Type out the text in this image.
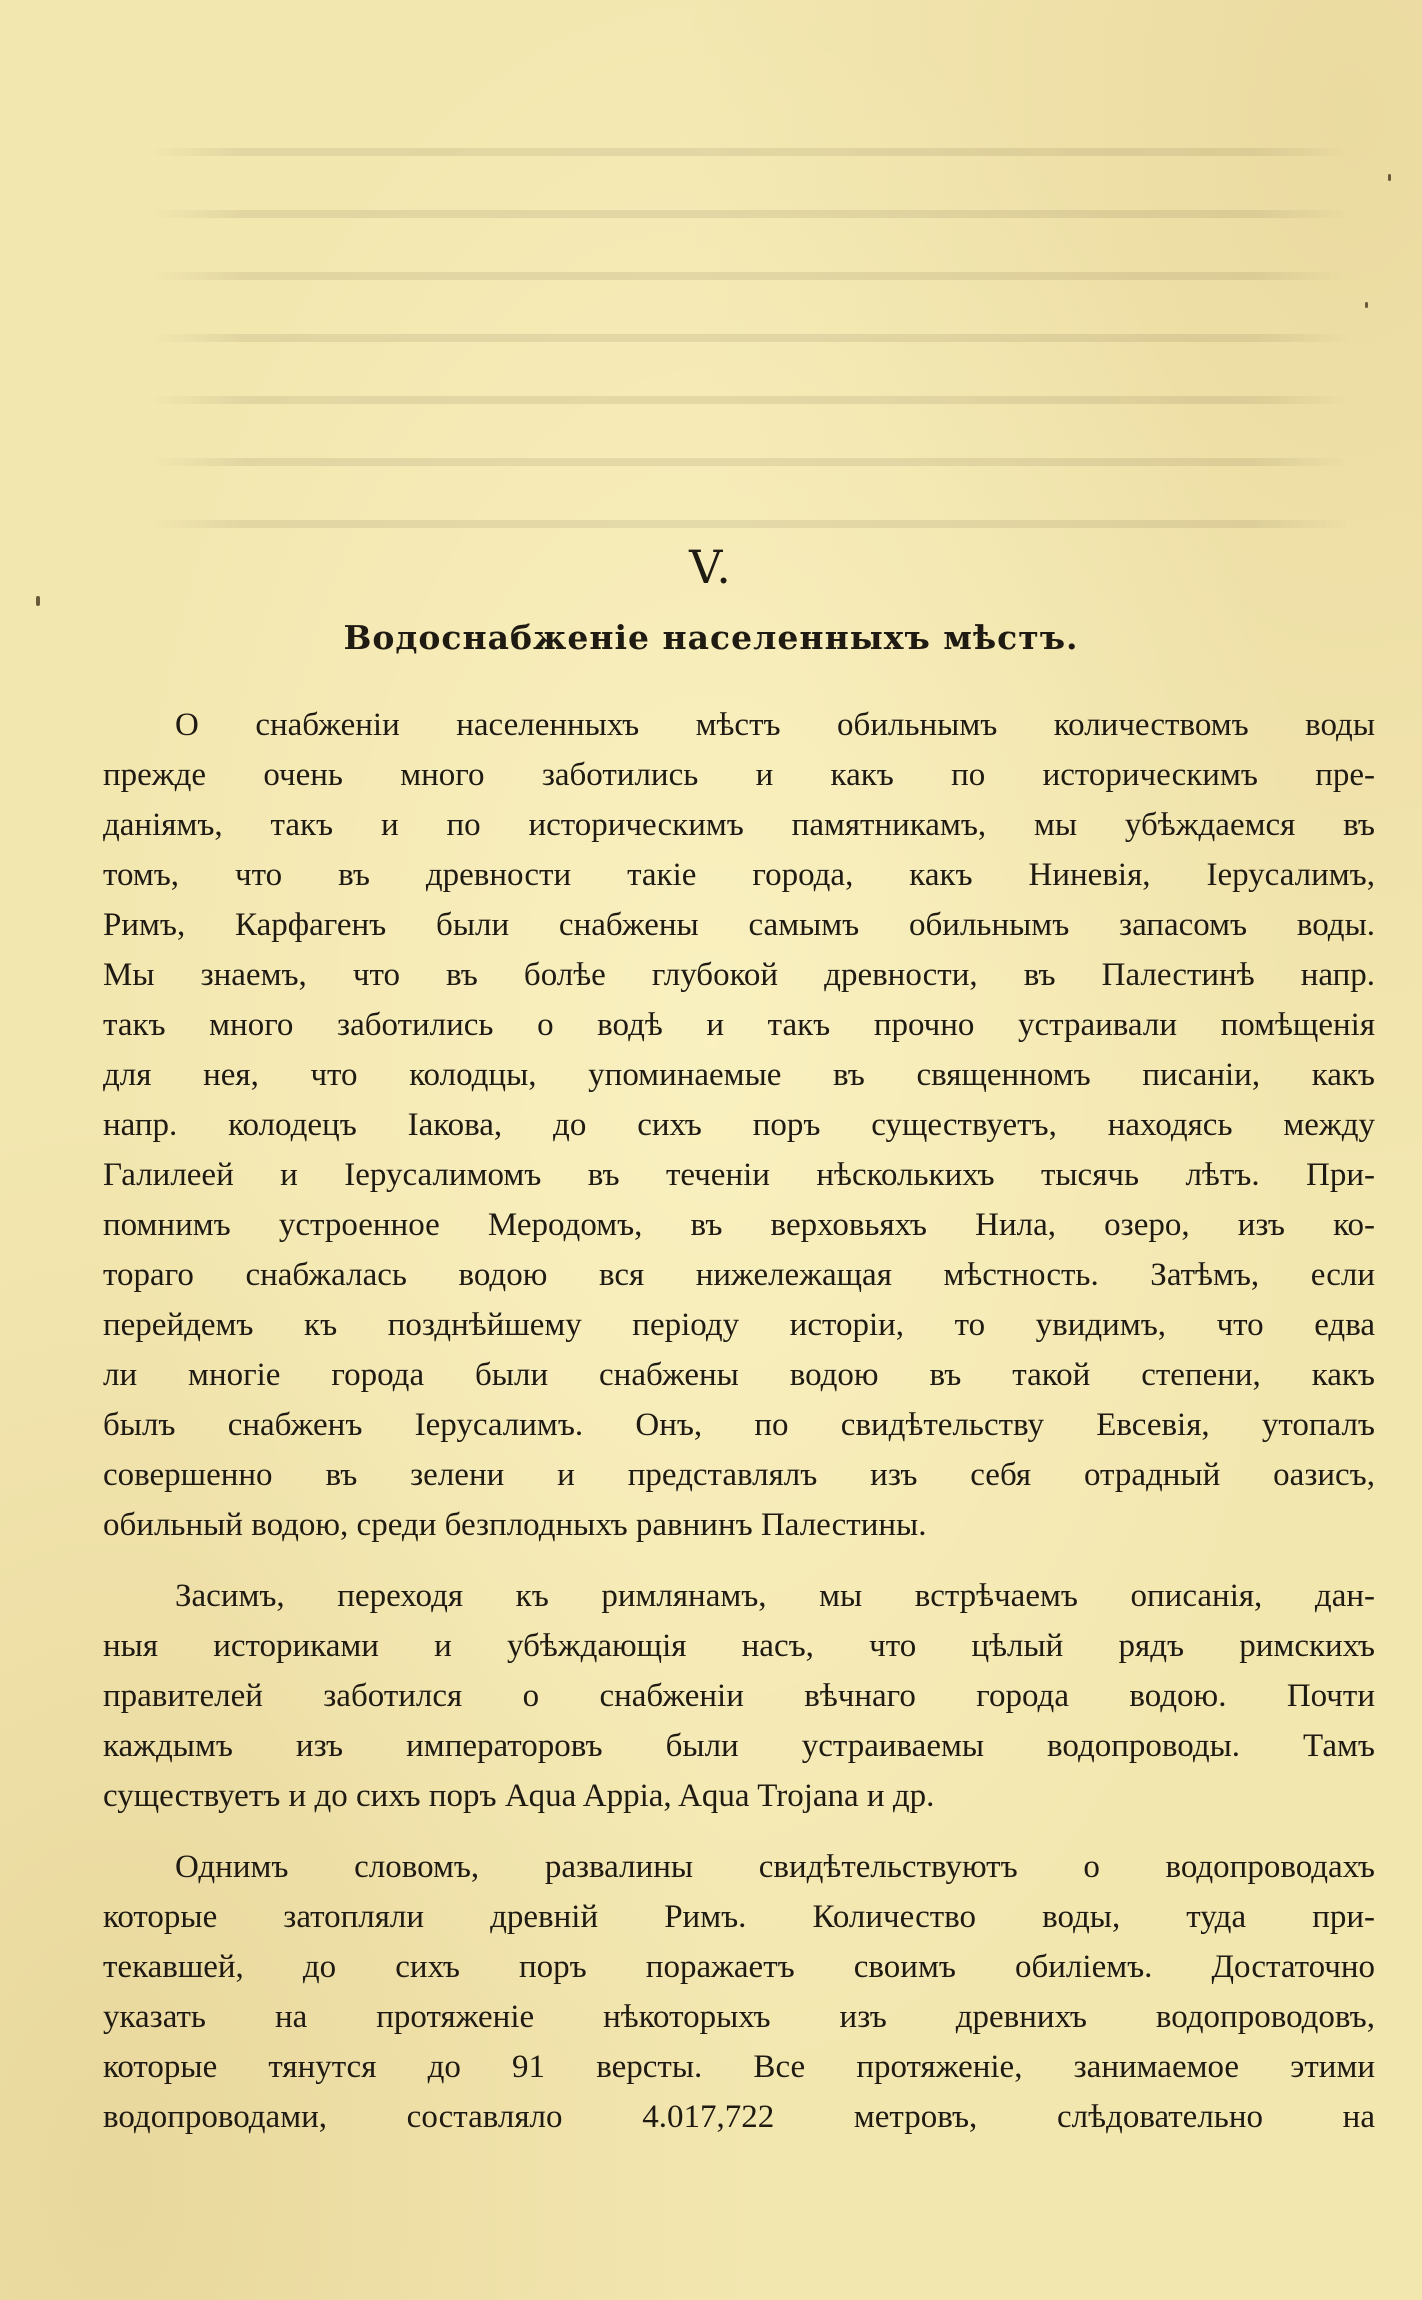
V.
Водоснабженіе населенныхъ мѣстъ.
О снабженіи населенныхъ мѣстъ обильнымъ количествомъ воды
прежде очень много заботились и какъ по историческимъ пре-
даніямъ, такъ и по историческимъ памятникамъ, мы убѣждаемся въ
томъ, что въ древности такіе города, какъ Ниневія, Іерусалимъ,
Римъ, Карфагенъ были снабжены самымъ обильнымъ запасомъ воды.
Мы знаемъ, что въ болѣе глубокой древности, въ Палестинѣ напр.
такъ много заботились о водѣ и такъ прочно устраивали помѣщенія
для нея, что колодцы, упоминаемые въ священномъ писаніи, какъ
напр. колодецъ Іакова, до сихъ поръ существуетъ, находясь между
Галилеей и Іерусалимомъ въ теченіи нѣсколькихъ тысячь лѣтъ. При-
помнимъ устроенное Меродомъ, въ верховьяхъ Нила, озеро, изъ ко-
тораго снабжалась водою вся нижележащая мѣстность. Затѣмъ, если
перейдемъ къ позднѣйшему періоду исторіи, то увидимъ, что едва
ли многіе города были снабжены водою въ такой степени, какъ
былъ снабженъ Іерусалимъ. Онъ, по свидѣтельству Евсевія, утопалъ
совершенно въ зелени и представлялъ изъ себя отрадный оазисъ,
обильный водою, среди безплодныхъ равнинъ Палестины.
Засимъ, переходя къ римлянамъ, мы встрѣчаемъ описанія, дан-
ныя историками и убѣждающія насъ, что цѣлый рядъ римскихъ
правителей заботился о снабженіи вѣчнаго города водою. Почти
каждымъ изъ императоровъ были устраиваемы водопроводы. Тамъ
существуетъ и до сихъ поръ Aqua Appia, Aqua Trojana и др.
Однимъ словомъ, развалины свидѣтельствуютъ о водопроводахъ
которые затопляли древній Римъ. Количество воды, туда при-
текавшей, до сихъ поръ поражаетъ своимъ обиліемъ. Достаточно
указать на протяженіе нѣкоторыхъ изъ древнихъ водопроводовъ,
которые тянутся до 91 версты. Все протяженіе, занимаемое этими
водопроводами, составляло 4.017,722 метровъ, слѣдовательно на
